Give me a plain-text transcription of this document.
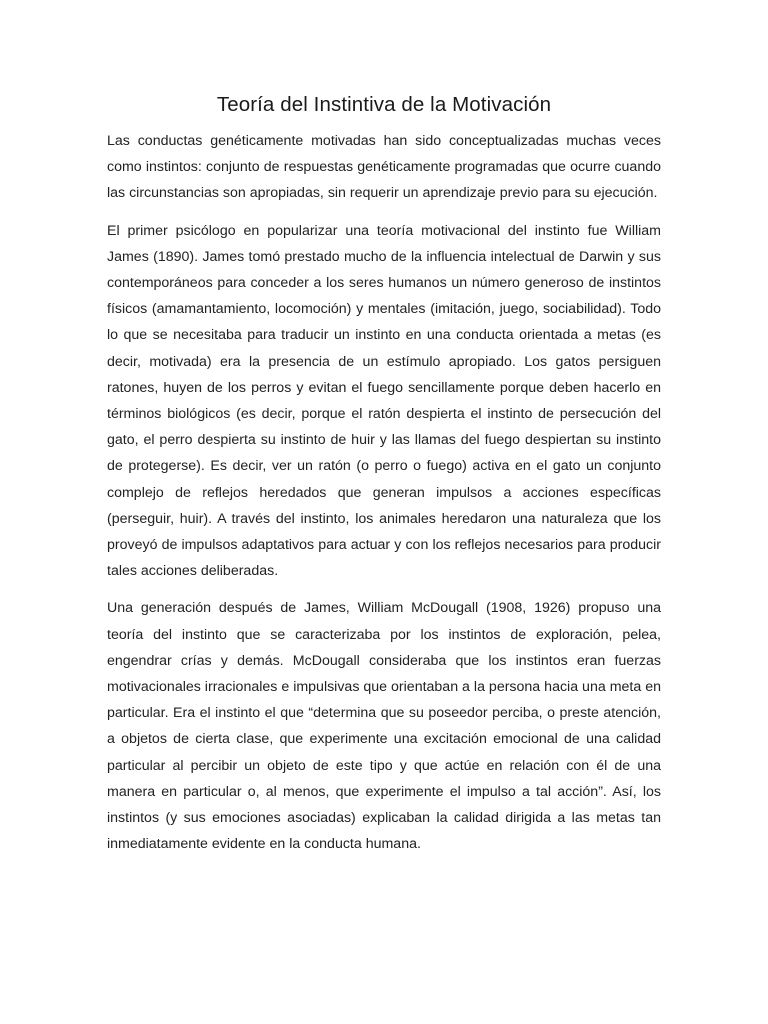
Teoría del Instintiva de la Motivación

Las conductas genéticamente motivadas han sido conceptualizadas muchas veces como instintos: conjunto de respuestas genéticamente programadas que ocurre cuando las circunstancias son apropiadas, sin requerir un aprendizaje previo para su ejecución.

El primer psicólogo en popularizar una teoría motivacional del instinto fue William James (1890). James tomó prestado mucho de la influencia intelectual de Darwin y sus contemporáneos para conceder a los seres humanos un número generoso de instintos físicos (amamantamiento, locomoción) y mentales (imitación, juego, sociabilidad). Todo lo que se necesitaba para traducir un instinto en una conducta orientada a metas (es decir, motivada) era la presencia de un estímulo apropiado. Los gatos persiguen ratones, huyen de los perros y evitan el fuego sencillamente porque deben hacerlo en términos biológicos (es decir, porque el ratón despierta el instinto de persecución del gato, el perro despierta su instinto de huir y las llamas del fuego despiertan su instinto de protegerse). Es decir, ver un ratón (o perro o fuego) activa en el gato un conjunto complejo de reflejos heredados que generan impulsos a acciones específicas (perseguir, huir). A través del instinto, los animales heredaron una naturaleza que los proveyó de impulsos adaptativos para actuar y con los reflejos necesarios para producir tales acciones deliberadas.

Una generación después de James, William McDougall (1908, 1926) propuso una teoría del instinto que se caracterizaba por los instintos de exploración, pelea, engendrar crías y demás. McDougall consideraba que los instintos eran fuerzas motivacionales irracionales e impulsivas que orientaban a la persona hacia una meta en particular. Era el instinto el que “determina que su poseedor perciba, o preste atención, a objetos de cierta clase, que experimente una excitación emocional de una calidad particular al percibir un objeto de este tipo y que actúe en relación con él de una manera en particular o, al menos, que experimente el impulso a tal acción”. Así, los instintos (y sus emociones asociadas) explicaban la calidad dirigida a las metas tan inmediatamente evidente en la conducta humana.
